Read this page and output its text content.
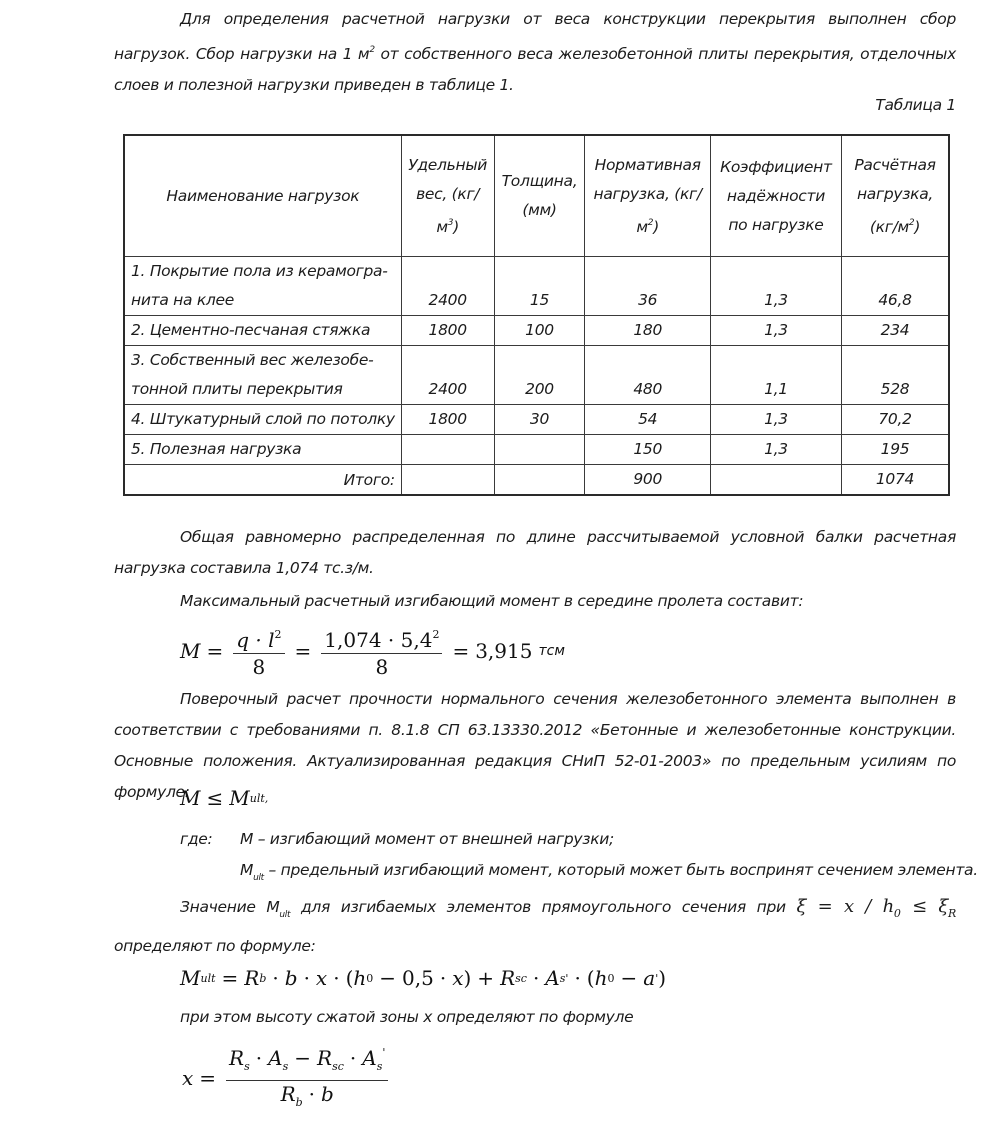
Для определения расчетной нагрузки от веса конструкции перекрытия выполнен сбор нагрузок. Сбор нагрузки на 1 $м^2$ от собственного веса железобетонной плиты перекрытия, отделочных слоев и полезной нагрузки приведен в таблице 1.
Таблица 1
Наименование нагрузок	Удельный вес, $(кг/м^3)$	Толщина, (мм)	Нормативная нагрузка, $(кг/м^2)$	Коэффициент надёжности по нагрузке	Расчётная нагрузка, $(кг/м^2)$
1. Покрытие пола из керамогра- нита на клее	2400	15	36	1,3	46,8
2. Цементно-песчаная стяжка	1800	100	180	1,3	234
3. Собственный вес железобе- тонной плиты перекрытия	2400	200	480	1,1	528
4. Штукатурный слой по потолку	1800	30	54	1,3	70,2
5. Полезная нагрузка			150	1,3	195
Итого:			900		1074
Общая равномерно распределенная по длине рассчитываемой условной балки расчетная нагрузка составила 1,074 тс.з/м.
Максимальный расчетный изгибающий момент в середине пролета составит:
$M = \frac{q \cdot l^2}{8} = \frac{1,074 \cdot 5,4^2}{8} = 3,915$ тсм
Поверочный расчет прочности нормального сечения железобетонного элемента выполнен в соответствии с требованиями п. 8.1.8 СП 63.13330.2012 «Бетонные и железобетонные конструкции. Основные положения. Актуализированная редакция СНиП 52-01-2003» по предельным усилиям по формуле:
M ≤ M ult ,
где: M – изгибающий момент от внешней нагрузки;
$M_{ult}$ – предельный изгибающий момент, который может быть воспринят сечением элемента.
Значение $M_{ult}$ для изгибаемых элементов прямоугольного сечения при $\xi = x / h_0 \le \xi_R$ определяют по формуле:
M ult = R b · b · x · ( h 0 − 0,5 · x ) + R sc · A s ' · ( h 0 − a ' )
при этом высоту сжатой зоны x определяют по формуле
$x = \frac{R_s \cdot A_s - R_{sc} \cdot A_s'}{R_b \cdot b}$
